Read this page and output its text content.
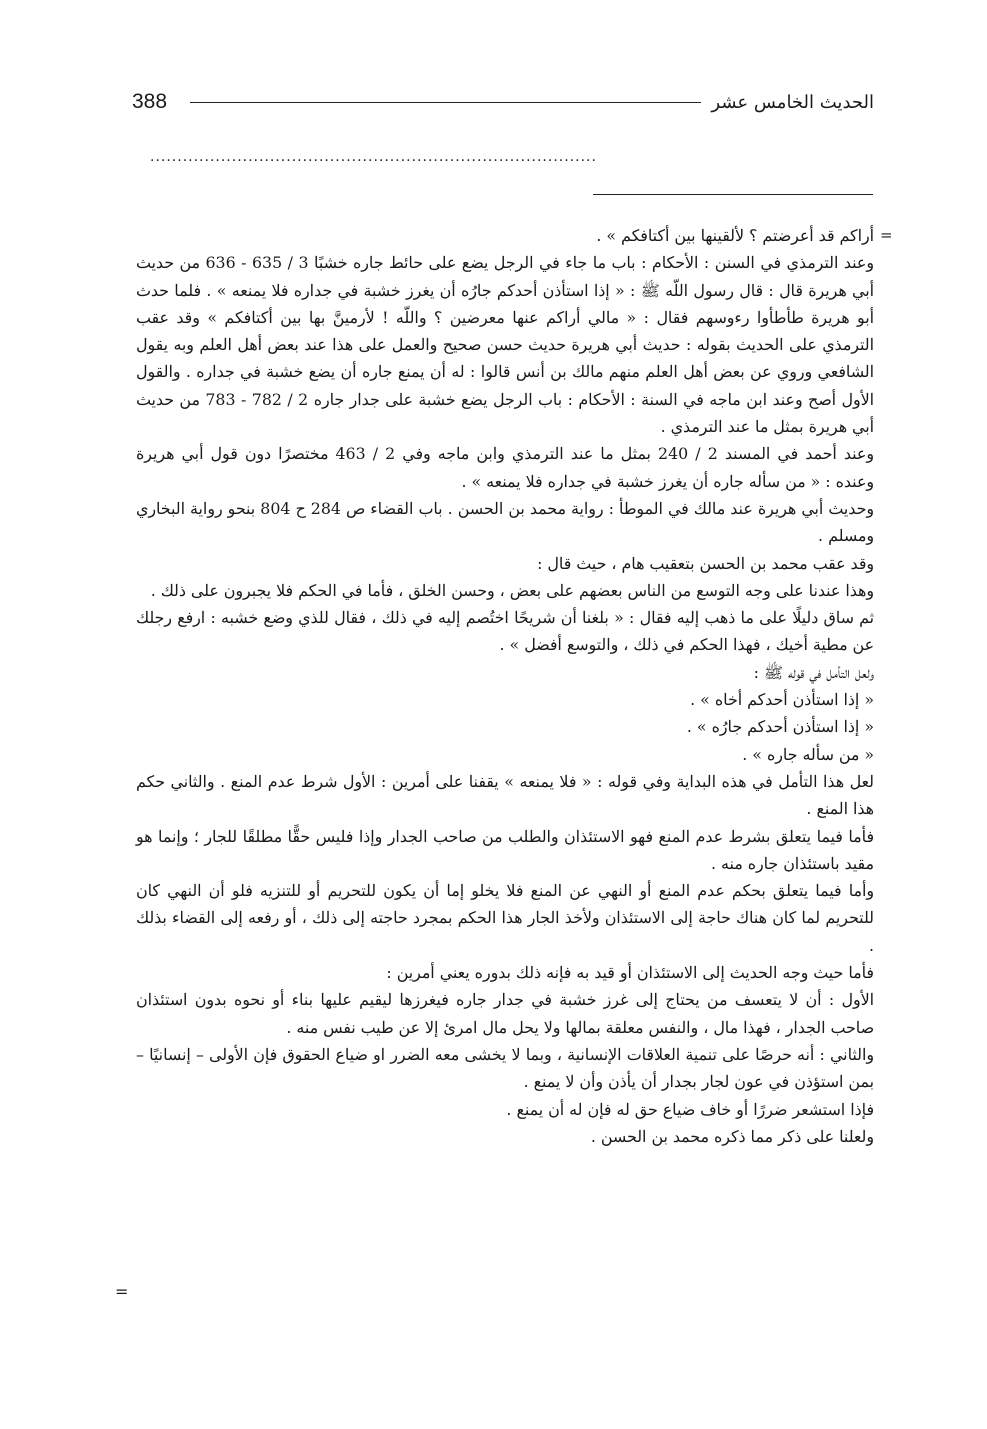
388	الحديث الخامس عشر
..................................................................................
=

أراكم قد أعرضتم ؟ لألقينها بين أكتافكم » .

وعند الترمذي في السنن : الأحكام : باب ما جاء في الرجل يضع على حائط جاره خشبًا 3 / 635 - 636 من حديث أبي هريرة قال : قال رسول اللّه ﷺ : « إذا استأذن أحدكم جارُه أن يغرز خشبة في جداره فلا يمنعه » . فلما حدث أبو هريرة طأطأوا رءوسهم فقال : « مالي أراكم عنها معرضين ؟ واللّه ! لأرمينَّ بها بين أكتافكم » وقد عقب الترمذي على الحديث بقوله : حديث أبي هريرة حديث حسن صحيح والعمل على هذا عند بعض أهل العلم وبه يقول الشافعي وروي عن بعض أهل العلم منهم مالك بن أنس قالوا : له أن يمنع جاره أن يضع خشبة في جداره . والقول الأول أصح وعند ابن ماجه في السنة : الأحكام : باب الرجل يضع خشبة على جدار جاره 2 / 782 - 783 من حديث أبي هريرة بمثل ما عند الترمذي .

وعند أحمد في المسند 2 / 240 بمثل ما عند الترمذي وابن ماجه وفي 2 / 463 مختصرًا دون قول أبي هريرة وعنده : « من سأله جاره أن يغرز خشبة في جداره فلا يمنعه » .

وحديث أبي هريرة عند مالك في الموطأ : رواية محمد بن الحسن . باب القضاء ص 284 ح 804 بنحو رواية البخاري ومسلم .

وقد عقب محمد بن الحسن بتعقيب هام ، حيث قال :

وهذا عندنا على وجه التوسع من الناس بعضهم على بعض ، وحسن الخلق ، فأما في الحكم فلا يجبرون على ذلك .

ثم ساق دليلًا على ما ذهب إليه فقال : « بلغنا أن شريحًا اختُصم إليه في ذلك ، فقال للذي وضع خشبه : ارفع رجلك عن مطية أخيك ، فهذا الحكم في ذلك ، والتوسع أفضل » .

ولعل التأمل في قوله ﷺ :

« إذا استأذن أحدكم أخاه » .

« إذا استأذن أحدكم جارُه » .

« من سأله جاره » .

لعل هذا التأمل في هذه البداية وفي قوله : « فلا يمنعه » يقفنا على أمرين : الأول شرط عدم المنع . والثاني حكم هذا المنع .

فأما فيما يتعلق بشرط عدم المنع فهو الاستئذان والطلب من صاحب الجدار وإذا فليس حقًّا مطلقًا للجار ؛ وإنما هو مقيد باستئذان جاره منه .

وأما فيما يتعلق بحكم عدم المنع أو النهي عن المنع فلا يخلو إما أن يكون للتحريم أو للتنزيه فلو أن النهي كان للتحريم لما كان هناك حاجة إلى الاستئذان ولأخذ الجار هذا الحكم بمجرد حاجته إلى ذلك ، أو رفعه إلى القضاء بذلك .

فأما حيث وجه الحديث إلى الاستئذان أو قيد به فإنه ذلك بدوره يعني أمرين :

الأول : أن لا يتعسف من يحتاج إلى غرز خشبة في جدار جاره فيغرزها ليقيم عليها بناء أو نحوه بدون استئذان صاحب الجدار ، فهذا مال ، والنفس معلقة بمالها ولا يحل مال امرئ إلا عن طيب نفس منه .

والثاني : أنه حرصًا على تنمية العلاقات الإنسانية ، وبما لا يخشى معه الضرر او ضياع الحقوق فإن الأولى – إنسانيًا – بمن استؤذن في عون لجار بجدار أن يأذن وأن لا يمنع .

فإذا استشعر ضررًا أو خاف ضياع حق له فإن له أن يمنع .

ولعلنا على ذكر مما ذكره محمد بن الحسن .

=
